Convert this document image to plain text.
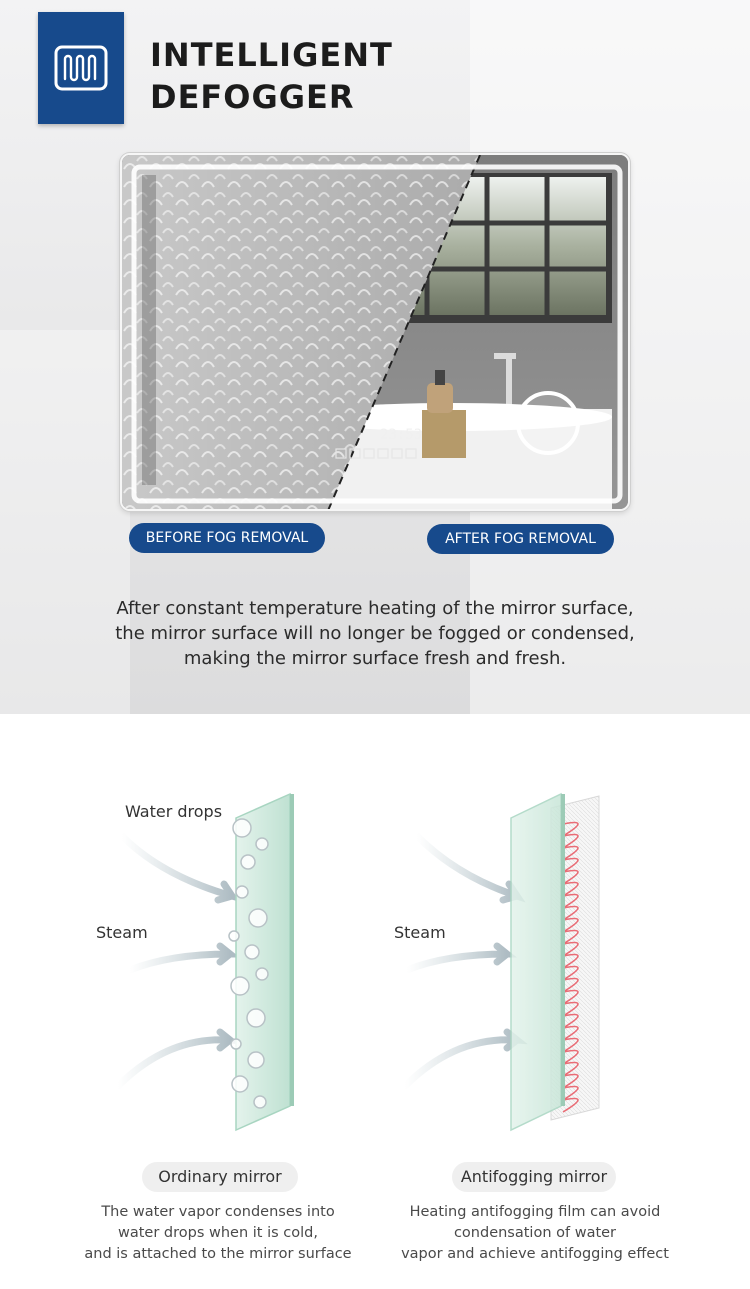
INTELLIGENT
DEFOGGER
23:53
BEFORE FOG REMOVAL	AFTER FOG REMOVAL
After constant temperature heating of the mirror surface,
the mirror surface will no longer be fogged or condensed,
making the mirror surface fresh and fresh.
Water drops
Steam	Steam
Ordinary mirror	Antifogging mirror
The water vapor condenses into
water drops when it is cold,
and is attached to the mirror surface
Heating antifogging film can avoid
condensation of water
vapor and achieve antifogging effect
